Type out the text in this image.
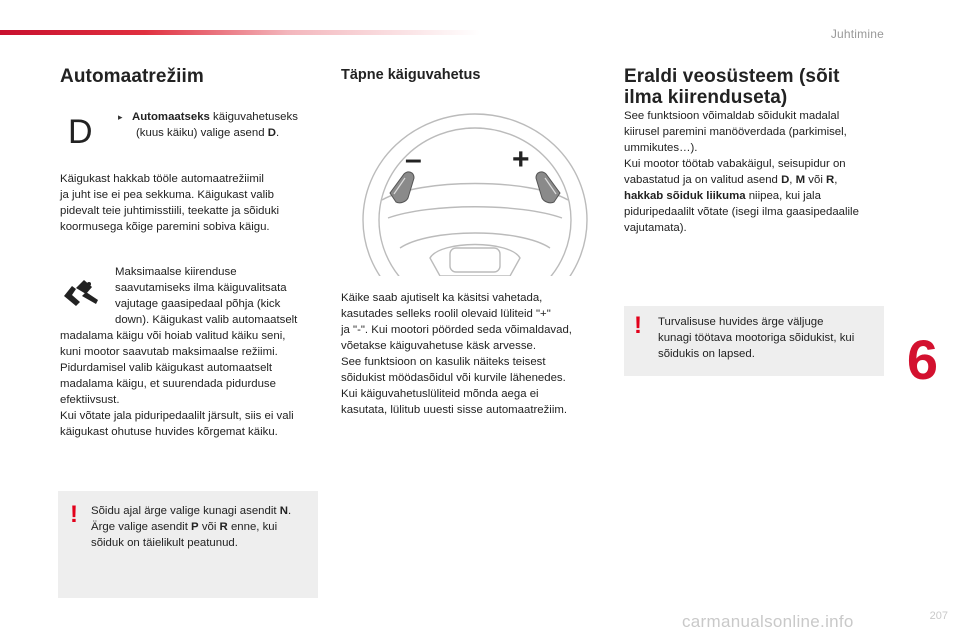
Juhtimine
Automaatrežiim
D	▸ Automaatseks käiguvahetuseks

(kuus käiku) valige asend D.

Käigukast hakkab tööle automaatrežiimil

ja juht ise ei pea sekkuma. Käigukast valib

pidevalt teie juhtimisstiili, teekatte ja sõiduki

koormusega kõige paremini sobiva käigu.

Maksimaalse kiirenduse

saavutamiseks ilma käiguvalitsata

vajutage gaasipedaal põhja (kick

down). Käigukast valib automaatselt

madalama käigu või hoiab valitud käiku seni,

kuni mootor saavutab maksimaalse režiimi.

Pidurdamisel valib käigukast automaatselt

madalama käigu, et suurendada pidurduse

efektiivsust.

Kui võtate jala piduripedaalilt järsult, siis ei vali

käigukast ohutuse huvides kõrgemat käiku.

! Sõidu ajal ärge valige kunagi asendit N.

Ärge valige asendit P või R enne, kui

sõiduk on täielikult peatunud.

Täpne käiguvahetus
–	+

Käike saab ajutiselt ka käsitsi vahetada,

kasutades selleks roolil olevaid lüliteid "+"

ja "-". Kui mootori pöörded seda võimaldavad,

võetakse käiguvahetuse käsk arvesse.

See funktsioon on kasulik näiteks teisest

sõidukist möödasõidul või kurvile lähenedes.

Kui käiguvahetuslüliteid mõnda aega ei

kasutata, lülitub uuesti sisse automaatrežiim.

Eraldi veosüsteem (sõit
ilma kiirenduseta)

See funktsioon võimaldab sõidukit madalal

kiirusel paremini manööverdada (parkimisel,

ummikutes…).

Kui mootor töötab vabakäigul, seisupidur on

vabastatud ja on valitud asend D, M või R,

hakkab sõiduk liikuma niipea, kui jala

piduripedaalilt võtate (isegi ilma gaasipedaalile

vajutamata).

! Turvalisuse huvides ärge väljuge

kunagi töötava mootoriga sõidukist, kui

sõidukis on lapsed.	6
carmanualsonline.info	207
